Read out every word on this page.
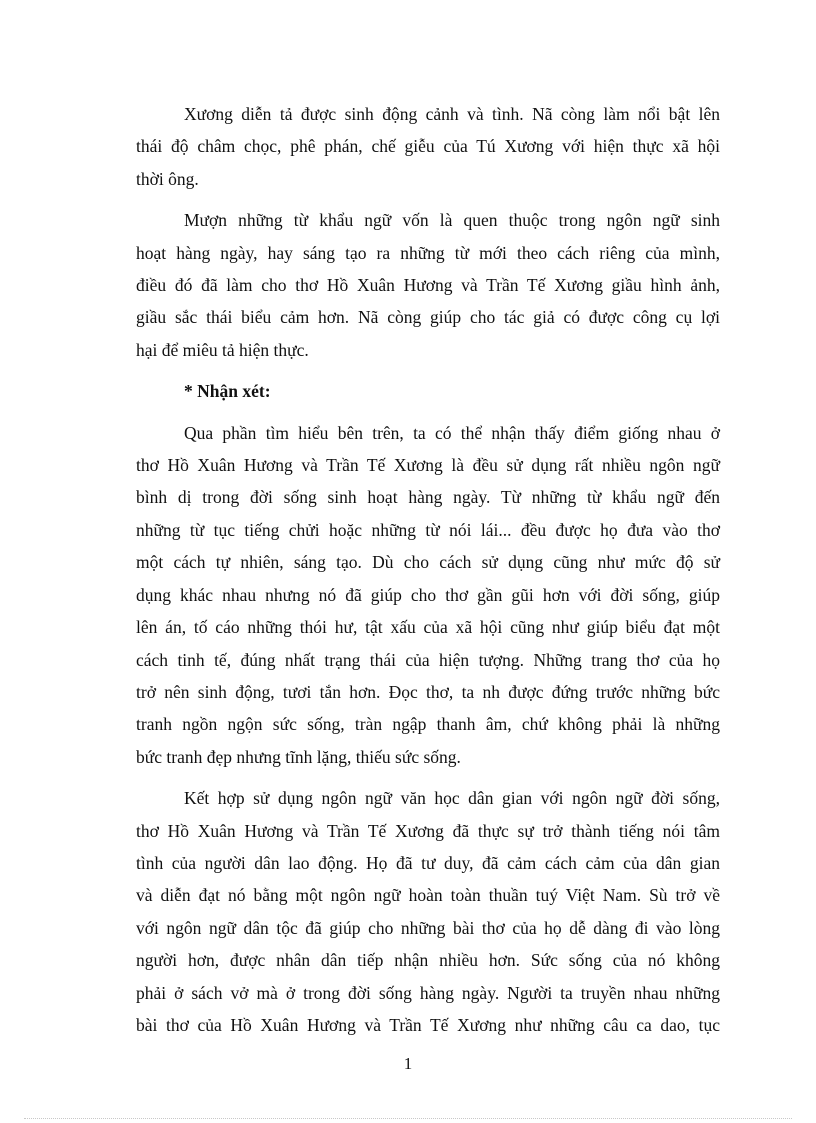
Xương diễn tả được sinh động cảnh và tình. Nã còng làm nổi bật lên
thái độ châm chọc, phê phán, chế giễu của Tú Xương với hiện thực xã hội
thời ông.

Mượn những từ khẩu ngữ vốn là quen thuộc trong ngôn ngữ sinh
hoạt hàng ngày, hay sáng tạo ra những từ mới theo cách riêng của mình,
điều đó đã làm cho thơ Hồ Xuân Hương và Trần Tế Xương giầu hình ảnh,
giầu sắc thái biểu cảm hơn. Nã còng giúp cho tác giả có được công cụ lợi
hại để miêu tả hiện thực.

* Nhận xét:

Qua phần tìm hiểu bên trên, ta có thể nhận thấy điểm giống nhau ở
thơ Hồ Xuân Hương và Trần Tế Xương là đều sử dụng rất nhiều ngôn ngữ
bình dị trong đời sống sinh hoạt hàng ngày. Từ những từ khẩu ngữ đến
những từ tục tiếng chửi hoặc những từ nói lái... đều được họ đưa vào thơ
một cách tự nhiên, sáng tạo. Dù cho cách sử dụng cũng như mức độ sử
dụng khác nhau nhưng nó đã giúp cho thơ gần gũi hơn với đời sống, giúp
lên án, tố cáo những thói hư, tật xấu của xã hội cũng như giúp biểu đạt một
cách tinh tế, đúng nhất trạng thái của hiện tượng. Những trang thơ của họ
trở nên sinh động, tươi tắn hơn. Đọc thơ, ta nh được đứng trước những bức
tranh ngồn ngộn sức sống, tràn ngập thanh âm, chứ không phải là những
bức tranh đẹp nhưng tĩnh lặng, thiếu sức sống.

Kết hợp sử dụng ngôn ngữ văn học dân gian với ngôn ngữ đời sống,
thơ Hồ Xuân Hương và Trần Tế Xương đã thực sự trở thành tiếng nói tâm
tình của người dân lao động. Họ đã tư duy, đã cảm cách cảm của dân gian
và diễn đạt nó bằng một ngôn ngữ hoàn toàn thuần tuý Việt Nam. Sù trở về
với ngôn ngữ dân tộc đã giúp cho những bài thơ của họ dễ dàng đi vào lòng
người hơn, được nhân dân tiếp nhận nhiều hơn. Sức sống của nó không
phải ở sách vở mà ở trong đời sống hàng ngày. Người ta truyền nhau những
bài thơ của Hồ Xuân Hương và Trần Tế Xương như những câu ca dao, tục

1
